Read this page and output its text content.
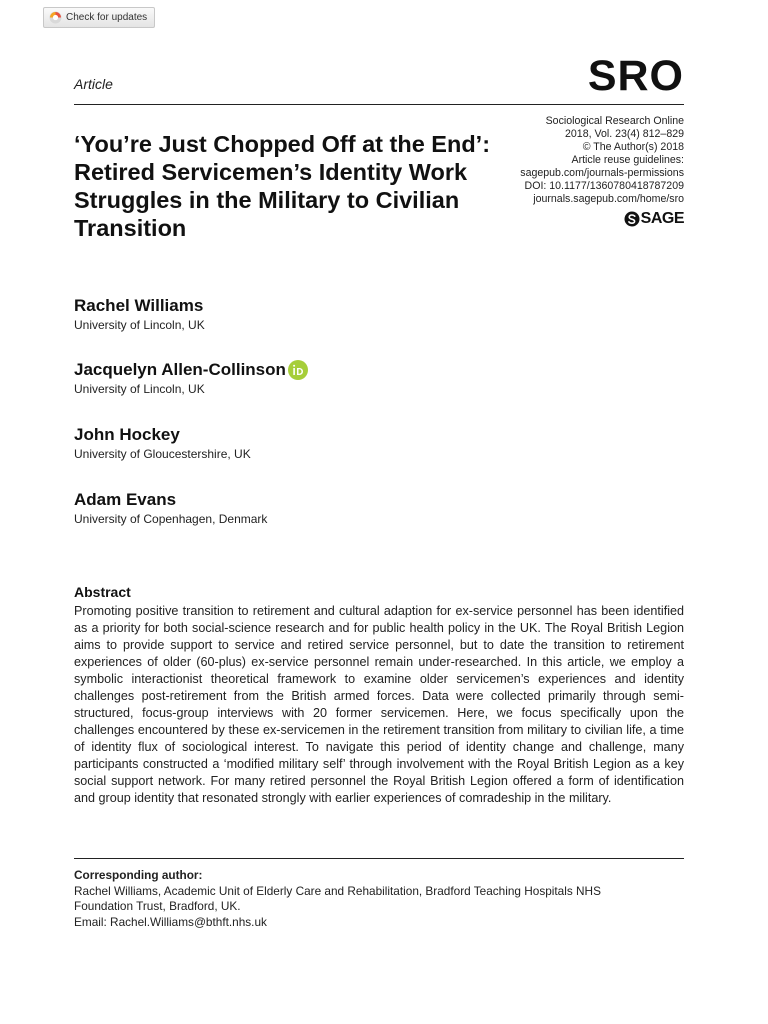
Check for updates
Article	SRO
‘You’re Just Chopped Off at the End’: Retired Servicemen’s Identity Work Struggles in the Military to Civilian Transition
Sociological Research Online
2018, Vol. 23(4) 812–829
© The Author(s) 2018
Article reuse guidelines:
sagepub.com/journals-permissions
DOI: 10.1177/1360780418787209
journals.sagepub.com/home/sro
SAGE
Rachel Williams
University of Lincoln, UK
Jacquelyn Allen-Collinson
University of Lincoln, UK
John Hockey
University of Gloucestershire, UK
Adam Evans
University of Copenhagen, Denmark
Abstract

Promoting positive transition to retirement and cultural adaption for ex-service personnel has been identified as a priority for both social-science research and for public health policy in the UK. The Royal British Legion aims to provide support to service and retired service personnel, but to date the transition to retirement experiences of older (60-plus) ex-service personnel remain under-researched. In this article, we employ a symbolic interactionist theoretical framework to examine older servicemen’s experiences and identity challenges post-retirement from the British armed forces. Data were collected primarily through semi-structured, focus-group interviews with 20 former servicemen. Here, we focus specifically upon the challenges encountered by these ex-servicemen in the retirement transition from military to civilian life, a time of identity flux of sociological interest. To navigate this period of identity change and challenge, many participants constructed a ‘modified military self’ through involvement with the Royal British Legion as a key social support network. For many retired personnel the Royal British Legion offered a form of identification and group identity that resonated strongly with earlier experiences of comradeship in the military.

Corresponding author:
Rachel Williams, Academic Unit of Elderly Care and Rehabilitation, Bradford Teaching Hospitals NHS
Foundation Trust, Bradford, UK.
Email: Rachel.Williams@bthft.nhs.uk
